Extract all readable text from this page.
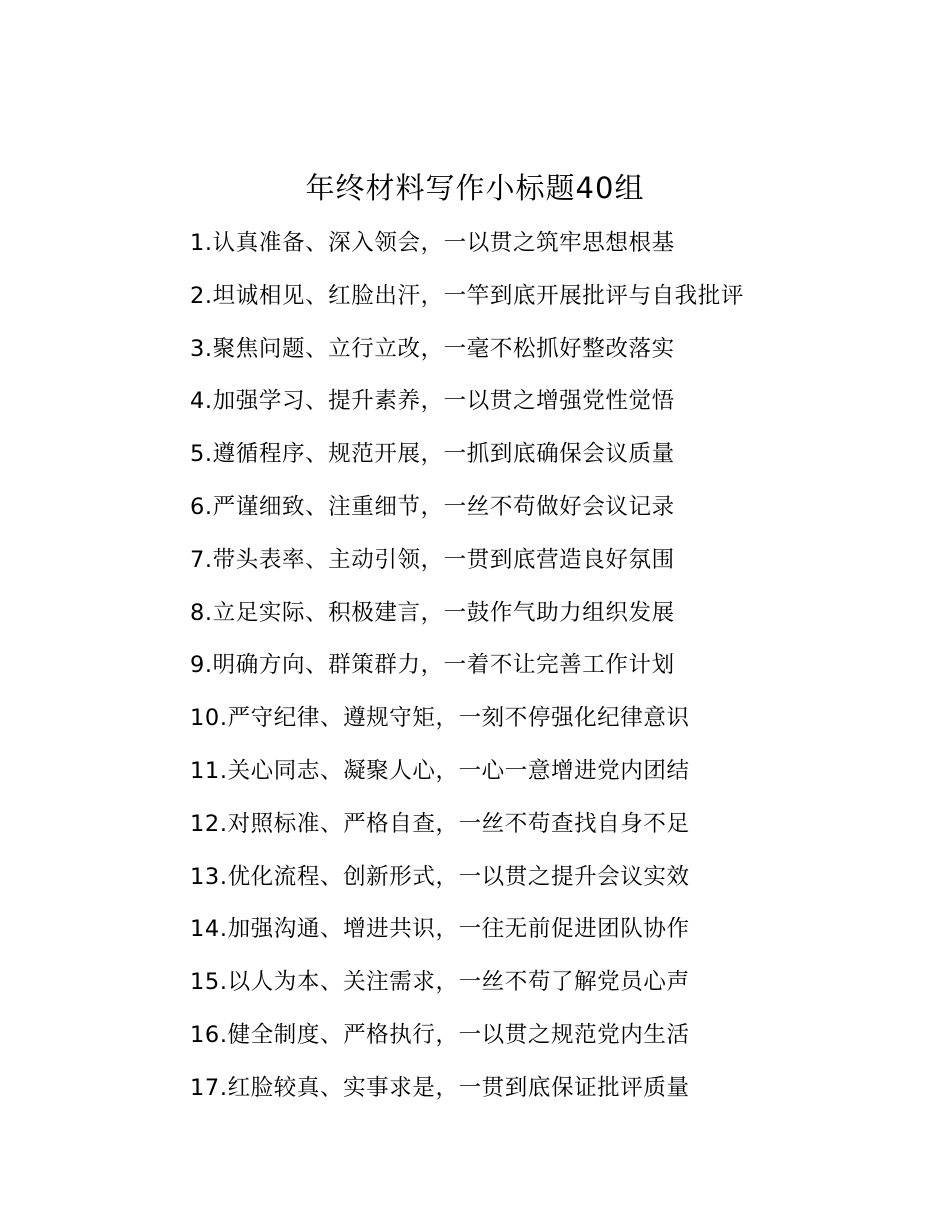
年终材料写作小标题40组
1.认真准备、深入领会，一以贯之筑牢思想根基
2.坦诚相见、红脸出汗，一竿到底开展批评与自我批评
3.聚焦问题、立行立改，一毫不松抓好整改落实
4.加强学习、提升素养，一以贯之增强党性觉悟
5.遵循程序、规范开展，一抓到底确保会议质量
6.严谨细致、注重细节，一丝不苟做好会议记录
7.带头表率、主动引领，一贯到底营造良好氛围
8.立足实际、积极建言，一鼓作气助力组织发展
9.明确方向、群策群力，一着不让完善工作计划
10.严守纪律、遵规守矩，一刻不停强化纪律意识
11.关心同志、凝聚人心，一心一意增进党内团结
12.对照标准、严格自查，一丝不苟查找自身不足
13.优化流程、创新形式，一以贯之提升会议实效
14.加强沟通、增进共识，一往无前促进团队协作
15.以人为本、关注需求，一丝不苟了解党员心声
16.健全制度、严格执行，一以贯之规范党内生活
17.红脸较真、实事求是，一贯到底保证批评质量
